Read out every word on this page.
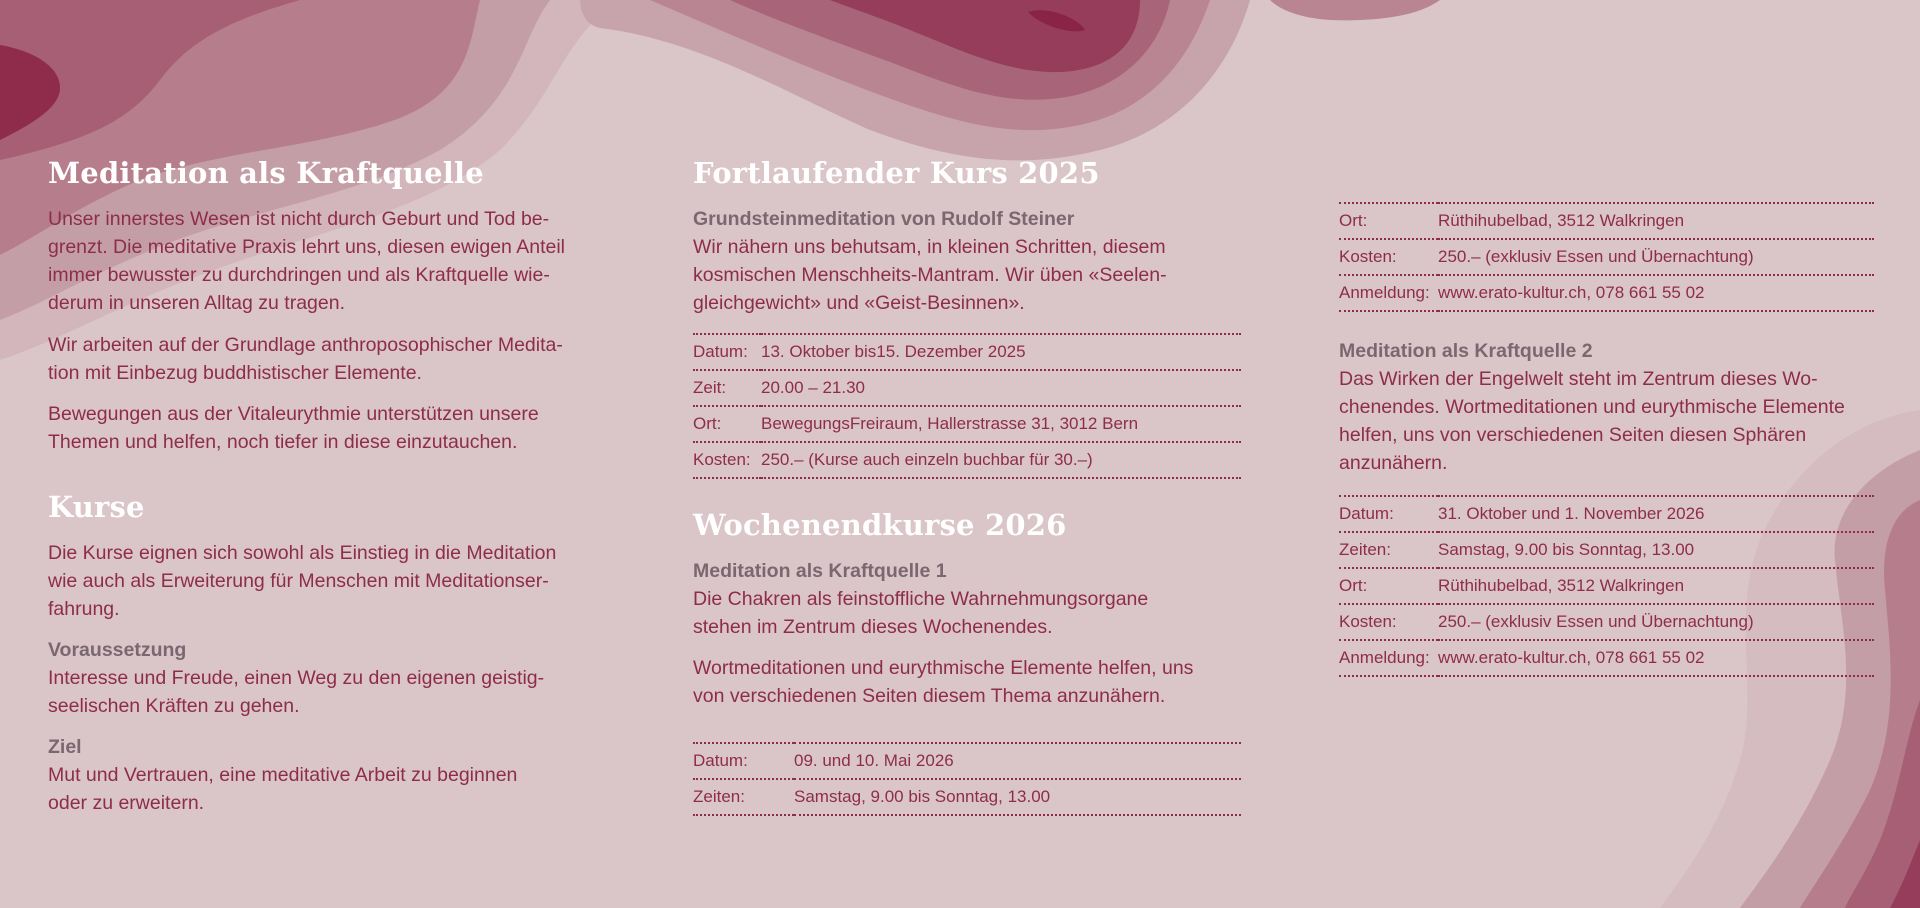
Meditation als Kraftquelle

Unser innerstes Wesen ist nicht durch Geburt und Tod be-

grenzt. Die meditative Praxis lehrt uns, diesen ewigen Anteil

immer bewusster zu durchdringen und als Kraftquelle wie-

derum in unseren Alltag zu tragen.

Wir arbeiten auf der Grundlage anthroposophischer Medita-

tion mit Einbezug buddhistischer Elemente.

Bewegungen aus der Vitaleurythmie unterstützen unsere

Themen und helfen, noch tiefer in diese einzutauchen.

Kurse

Die Kurse eignen sich sowohl als Einstieg in die Meditation

wie auch als Erweiterung für Menschen mit Meditationser-

fahrung.

Voraussetzung

Interesse und Freude, einen Weg zu den eigenen geistig-

seelischen Kräften zu gehen.

Ziel

Mut und Vertrauen, eine meditative Arbeit zu beginnen

oder zu erweitern.

Fortlaufender Kurs 2025
Grundsteinmeditation von Rudolf Steiner

Wir nähern uns behutsam, in kleinen Schritten, diesem

kosmischen Menschheits-Mantram. Wir üben «Seelen-

gleichgewicht» und «Geist-Besinnen».

Datum:	13. Oktober bis15. Dezember 2025
Zeit:	20.00 – 21.30
Ort:	BewegungsFreiraum, Hallerstrasse 31, 3012 Bern
Kosten:	250.– (Kurse auch einzeln buchbar für 30.–)
Wochenendkurse 2026
Meditation als Kraftquelle 1

Die Chakren als feinstoffliche Wahrnehmungsorgane

stehen im Zentrum dieses Wochenendes.

Wortmeditationen und eurythmische Elemente helfen, uns

von verschiedenen Seiten diesem Thema anzunähern.

Datum:	09. und 10. Mai 2026
Zeiten:	Samstag, 9.00 bis Sonntag, 13.00
Ort:	Rüthihubelbad, 3512 Walkringen
Kosten:	250.– (exklusiv Essen und Übernachtung)
Anmeldung:	www.erato-kultur.ch, 078 661 55 02
Meditation als Kraftquelle 2

Das Wirken der Engelwelt steht im Zentrum dieses Wo-

chenendes. Wortmeditationen und eurythmische Elemente

helfen, uns von verschiedenen Seiten diesen Sphären

anzunähern.

Datum:	31. Oktober und 1. November 2026
Zeiten:	Samstag, 9.00 bis Sonntag, 13.00
Ort:	Rüthihubelbad, 3512 Walkringen
Kosten:	250.– (exklusiv Essen und Übernachtung)
Anmeldung:	www.erato-kultur.ch, 078 661 55 02
